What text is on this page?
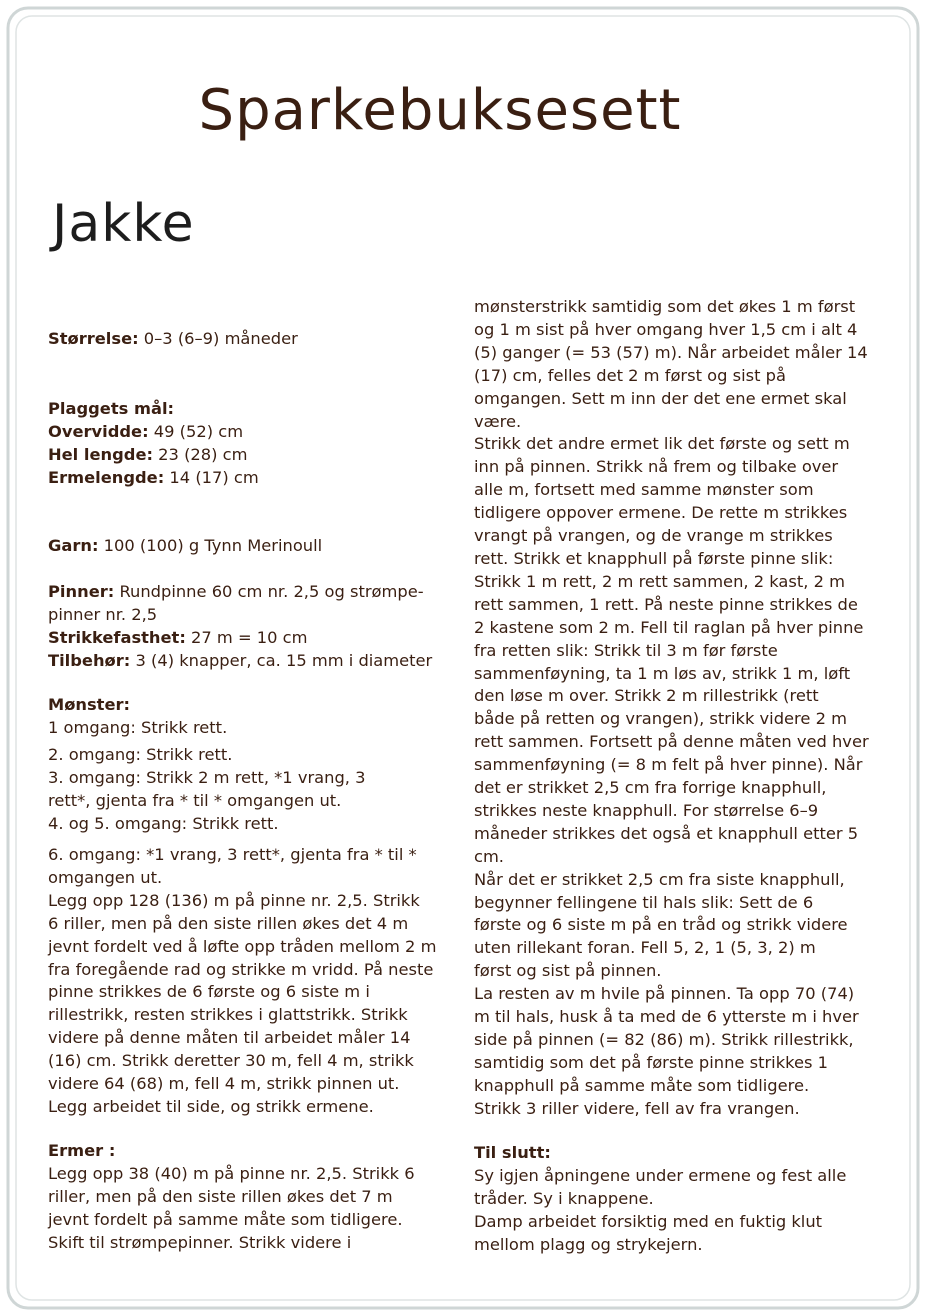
Sparkebuksesett
Jakke
Størrelse: 0–3 (6–9) måneder
Plaggets mål:
Overvidde: 49 (52) cm
Hel lengde: 23 (28) cm
Ermelengde: 14 (17) cm
Garn: 100 (100) g Tynn Merinoull
Pinner: Rundpinne 60 cm nr. 2,5 og strømpe-
pinner nr. 2,5
Strikkefasthet: 27 m = 10 cm
Tilbehør: 3 (4) knapper, ca. 15 mm i diameter
Mønster:
1 omgang: Strikk rett.
2. omgang: Strikk rett.
3. omgang: Strikk 2 m rett, *1 vrang, 3
rett*, gjenta fra * til * omgangen ut.
4. og 5. omgang: Strikk rett.
6. omgang: *1 vrang, 3 rett*, gjenta fra * til *
omgangen ut.
Legg opp 128 (136) m på pinne nr. 2,5. Strikk
6 riller, men på den siste rillen økes det 4 m
jevnt fordelt ved å løfte opp tråden mellom 2 m
fra foregående rad og strikke m vridd. På neste
pinne strikkes de 6 første og 6 siste m i
rillestrikk, resten strikkes i glattstrikk. Strikk
videre på denne måten til arbeidet måler 14
(16) cm. Strikk deretter 30 m, fell 4 m, strikk
videre 64 (68) m, fell 4 m, strikk pinnen ut.
Legg arbeidet til side, og strikk ermene.
Ermer :
Legg opp 38 (40) m på pinne nr. 2,5. Strikk 6
riller, men på den siste rillen økes det 7 m
jevnt fordelt på samme måte som tidligere.
Skift til strømpepinner. Strikk videre i
mønsterstrikk samtidig som det økes 1 m først
og 1 m sist på hver omgang hver 1,5 cm i alt 4
(5) ganger (= 53 (57) m). Når arbeidet måler 14
(17) cm, felles det 2 m først og sist på
omgangen. Sett m inn der det ene ermet skal
være.
Strikk det andre ermet lik det første og sett m
inn på pinnen. Strikk nå frem og tilbake over
alle m, fortsett med samme mønster som
tidligere oppover ermene. De rette m strikkes
vrangt på vrangen, og de vrange m strikkes
rett. Strikk et knapphull på første pinne slik:
Strikk 1 m rett, 2 m rett sammen, 2 kast, 2 m
rett sammen, 1 rett. På neste pinne strikkes de
2 kastene som 2 m. Fell til raglan på hver pinne
fra retten slik: Strikk til 3 m før første
sammenføyning, ta 1 m løs av, strikk 1 m, løft
den løse m over. Strikk 2 m rillestrikk (rett
både på retten og vrangen), strikk videre 2 m
rett sammen. Fortsett på denne måten ved hver
sammenføyning (= 8 m felt på hver pinne). Når
det er strikket 2,5 cm fra forrige knapphull,
strikkes neste knapphull. For størrelse 6–9
måneder strikkes det også et knapphull etter 5
cm.
Når det er strikket 2,5 cm fra siste knapphull,
begynner fellingene til hals slik: Sett de 6
første og 6 siste m på en tråd og strikk videre
uten rillekant foran. Fell 5, 2, 1 (5, 3, 2) m
først og sist på pinnen.
La resten av m hvile på pinnen. Ta opp 70 (74)
m til hals, husk å ta med de 6 ytterste m i hver
side på pinnen (= 82 (86) m). Strikk rillestrikk,
samtidig som det på første pinne strikkes 1
knapphull på samme måte som tidligere.
Strikk 3 riller videre, fell av fra vrangen.
Til slutt:
Sy igjen åpningene under ermene og fest alle
tråder. Sy i knappene.
Damp arbeidet forsiktig med en fuktig klut
mellom plagg og strykejern.
